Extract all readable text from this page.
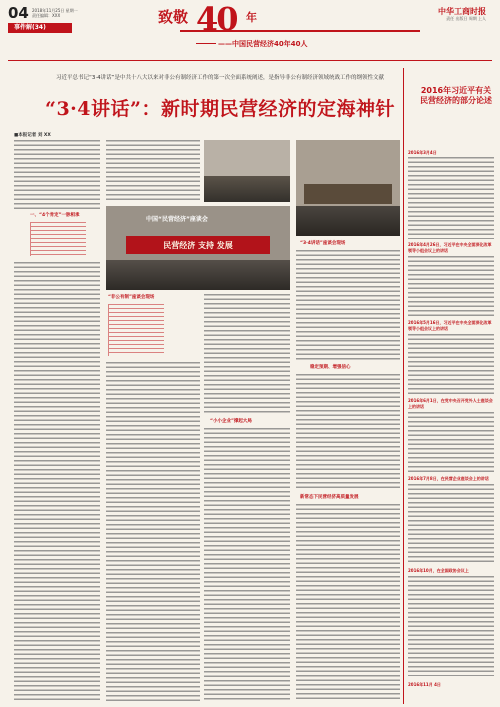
04 2018年11月25日 星期一
责任编辑：XXX
事件解(34)
致敬 40 年
——中国民营经济40年40人
中华工商时报
责任 出版日 周期 上人
习近平总书记“3·4讲话”是中共十八大以来对非公有制经济工作的第一次全面系统阐述，是指导非公有制经济领域统战工作的纲领性文献
“3·4讲话”：新时期民营经济的定海神针
■本报记者 刘 XX
一、“4个肯定”一脉相承
民营经济 支持 发展
中国“民营经济”座谈会
“非公有制”座谈会现场
“小小企业”撑起大局
“3·4讲话”座谈会现场
稳定预期、增强信心
新常态下民营经济高质量发展
2016年习近平有关民营经济的部分论述
2016年3月4日
2016年4月26日，习近平在中央全面深化改革领导小组会议上的讲话
2016年5月16日，习近平在中央全面深化改革领导小组会议上的讲话
2016年6月1日，在党中央召开党外人士座谈会上的讲话
2016年7月8日，在民营企业座谈会上的讲话
2016年10月，在全国政协会议上
2016年11月 4日
